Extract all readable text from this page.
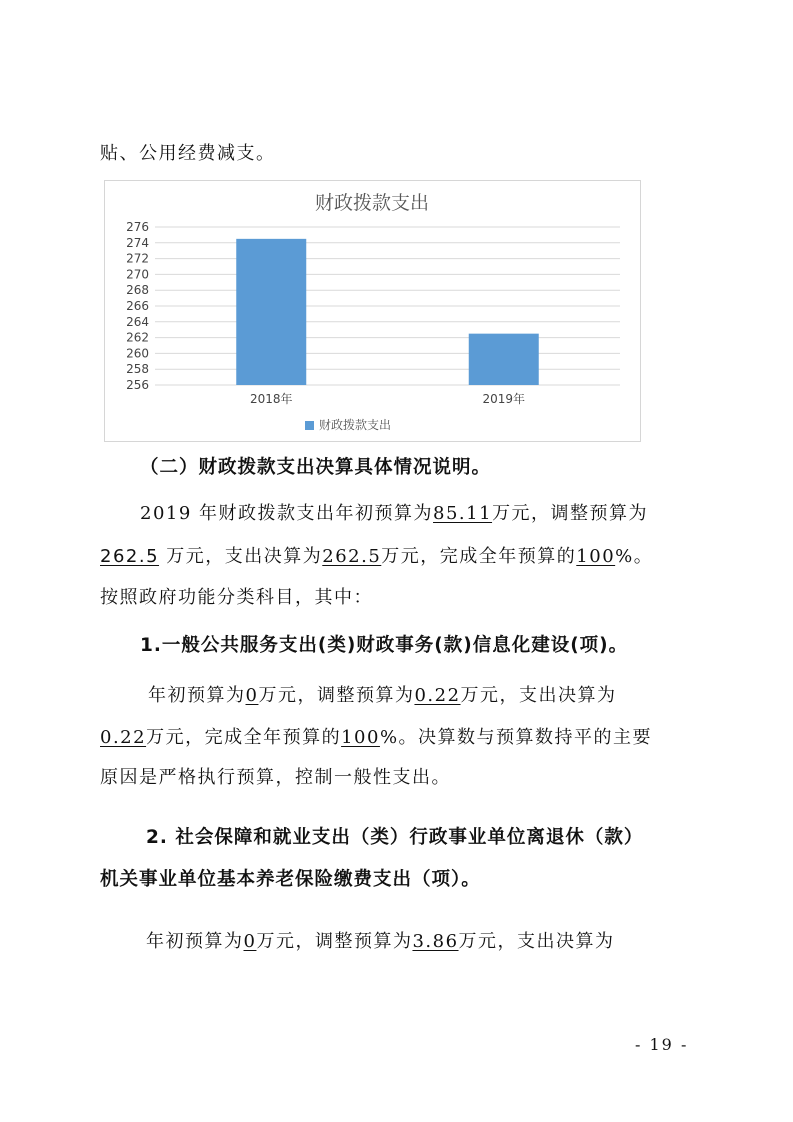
贴、公用经费减支。
财政拨款支出
256
258
260
262
264
266
268
270
272
274
276
2018年	2019年
财政拨款支出
（二）财政拨款支出决算具体情况说明。
2019 年财政拨款支出年初预算为85.11万元，调整预算为
262.5 万元，支出决算为262.5万元，完成全年预算的100%。
按照政府功能分类科目，其中：
1.一般公共服务支出(类)财政事务(款)信息化建设(项)。
年初预算为0万元，调整预算为0.22万元，支出决算为
0.22万元，完成全年预算的100%。决算数与预算数持平的主要
原因是严格执行预算，控制一般性支出。
2. 社会保障和就业支出（类）行政事业单位离退休（款）
机关事业单位基本养老保险缴费支出（项）。
年初预算为0万元，调整预算为3.86万元，支出决算为
- 19 -
